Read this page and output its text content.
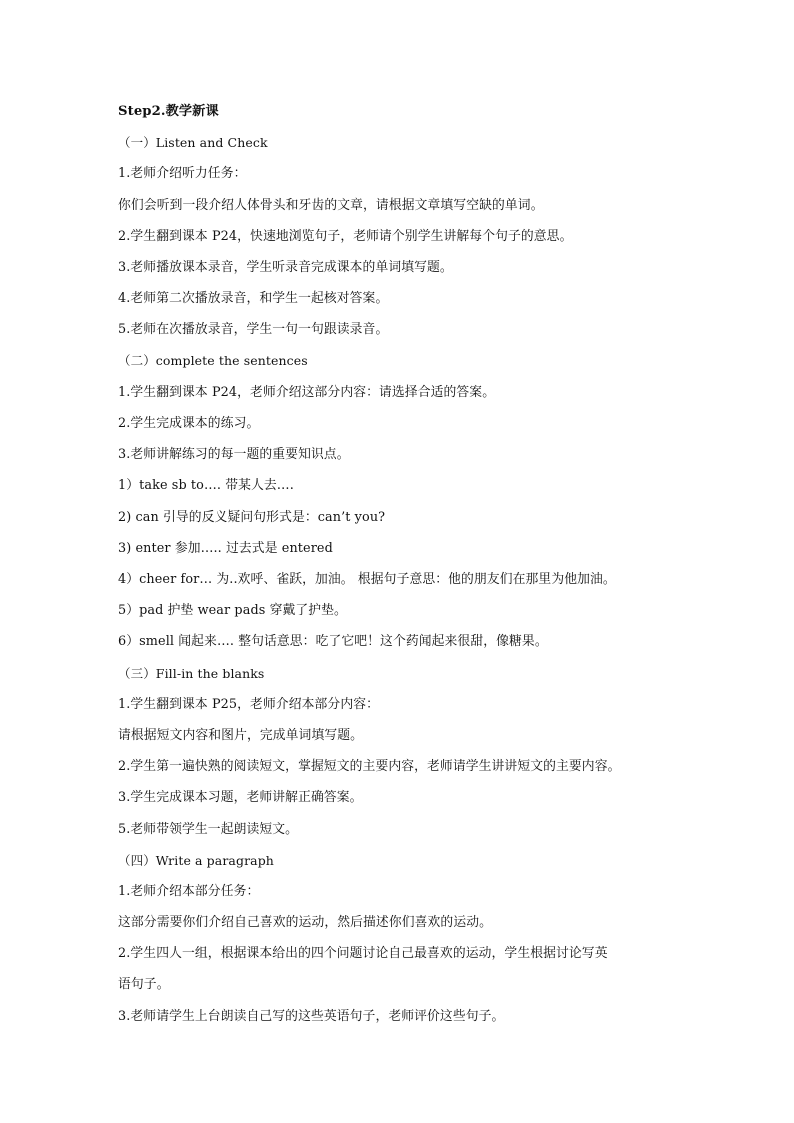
Step2.教学新课
（一）Listen and Check
1.老师介绍听力任务：
你们会听到一段介绍人体骨头和牙齿的文章，请根据文章填写空缺的单词。
2.学生翻到课本 P24，快速地浏览句子，老师请个别学生讲解每个句子的意思。
3.老师播放课本录音，学生听录音完成课本的单词填写题。
4.老师第二次播放录音，和学生一起核对答案。
5.老师在次播放录音，学生一句一句跟读录音。
（二）complete the sentences
1.学生翻到课本 P24，老师介绍这部分内容：请选择合适的答案。
2.学生完成课本的练习。
3.老师讲解练习的每一题的重要知识点。
1）take sb to…. 带某人去….
2) can 引导的反义疑问句形式是：can’t you?
3) enter 参加….. 过去式是 entered
4）cheer for… 为..欢呼、雀跃，加油。 根据句子意思：他的朋友们在那里为他加油。
5）pad 护垫 wear pads 穿戴了护垫。
6）smell 闻起来…. 整句话意思：吃了它吧！这个药闻起来很甜，像糖果。
（三）Fill-in the blanks
1.学生翻到课本 P25，老师介绍本部分内容：
请根据短文内容和图片，完成单词填写题。
2.学生第一遍快熟的阅读短文，掌握短文的主要内容，老师请学生讲讲短文的主要内容。
3.学生完成课本习题，老师讲解正确答案。
5.老师带领学生一起朗读短文。
（四）Write a paragraph
1.老师介绍本部分任务：
这部分需要你们介绍自己喜欢的运动，然后描述你们喜欢的运动。
2.学生四人一组，根据课本给出的四个问题讨论自己最喜欢的运动，学生根据讨论写英
语句子。
3.老师请学生上台朗读自己写的这些英语句子，老师评价这些句子。
